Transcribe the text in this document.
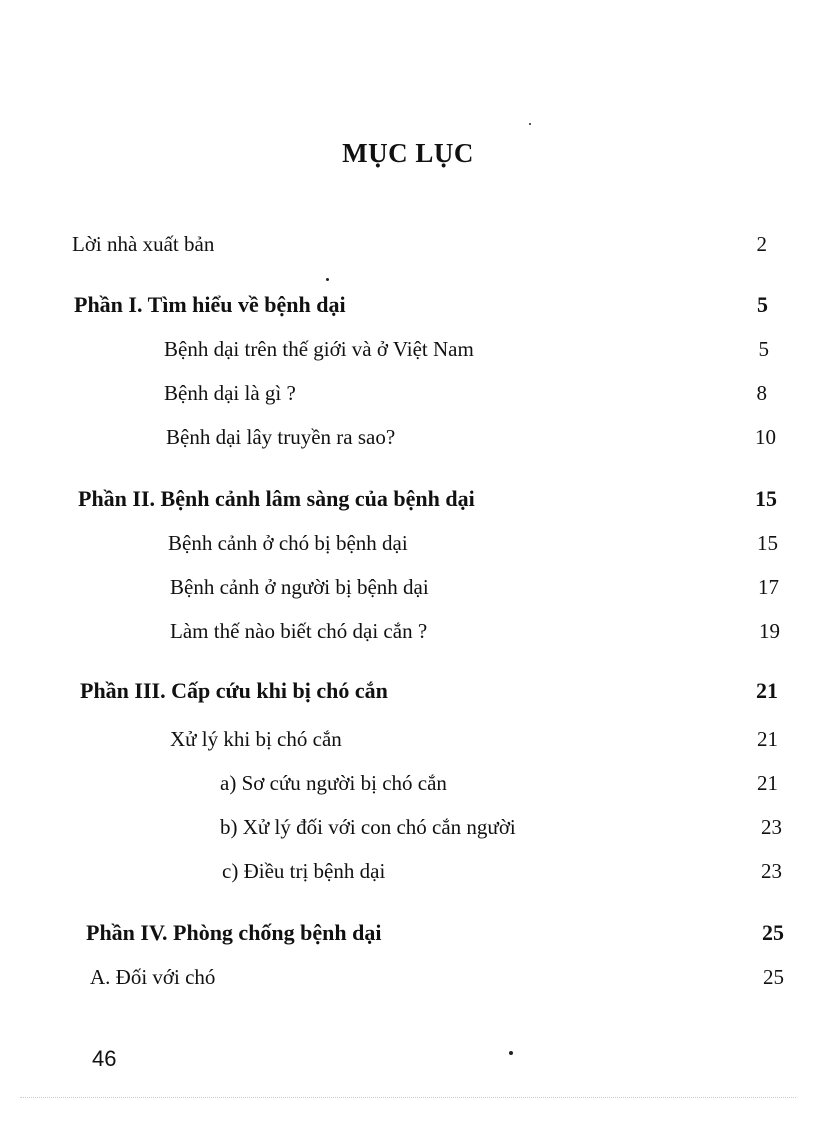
MỤC LỤC
Lời nhà xuất bản	2
Phần I. Tìm hiểu về bệnh dại	5
Bệnh dại trên thế giới và ở Việt Nam	5
Bệnh dại là gì ?	8
Bệnh dại lây truyền ra sao?	10
Phần II. Bệnh cảnh lâm sàng của bệnh dại	15
Bệnh cảnh ở chó bị bệnh dại	15
Bệnh cảnh ở người bị bệnh dại	17
Làm thế nào biết chó dại cắn ?	19
Phần III. Cấp cứu khi bị chó cắn	21
Xử lý khi bị chó cắn	21
a) Sơ cứu người bị chó cắn	21
b) Xử lý đối với con chó cắn người	23
c) Điều trị bệnh dại	23
Phần IV. Phòng chống bệnh dại	25
A. Đối với chó	25
46
